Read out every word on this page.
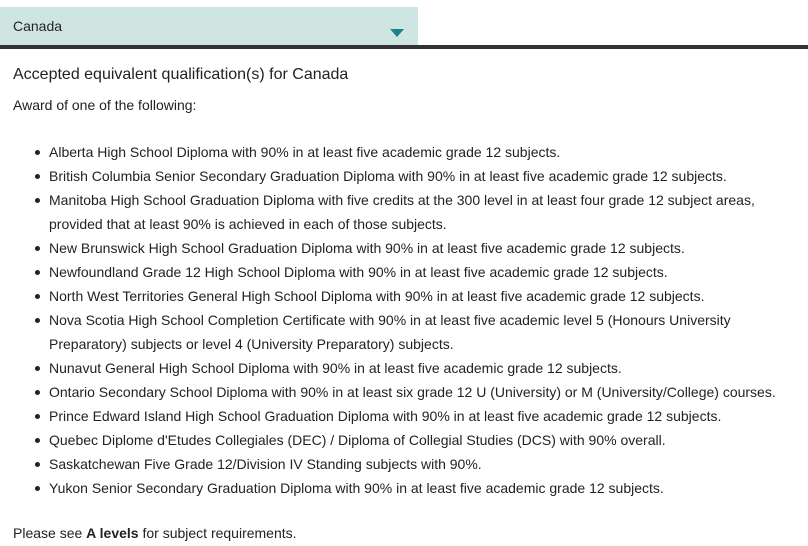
Canada
Accepted equivalent qualification(s) for Canada

Award of one of the following:

Alberta High School Diploma with 90% in at least five academic grade 12 subjects.
British Columbia Senior Secondary Graduation Diploma with 90% in at least five academic grade 12 subjects.
Manitoba High School Graduation Diploma with five credits at the 300 level in at least four grade 12 subject areas, provided that at least 90% is achieved in each of those subjects.
New Brunswick High School Graduation Diploma with 90% in at least five academic grade 12 subjects.
Newfoundland Grade 12 High School Diploma with 90% in at least five academic grade 12 subjects.
North West Territories General High School Diploma with 90% in at least five academic grade 12 subjects.
Nova Scotia High School Completion Certificate with 90% in at least five academic level 5 (Honours University Preparatory) subjects or level 4 (University Preparatory) subjects.
Nunavut General High School Diploma with 90% in at least five academic grade 12 subjects.
Ontario Secondary School Diploma with 90% in at least six grade 12 U (University) or M (University/College) courses.
Prince Edward Island High School Graduation Diploma with 90% in at least five academic grade 12 subjects.
Quebec Diplome d'Etudes Collegiales (DEC) / Diploma of Collegial Studies (DCS) with 90% overall.
Saskatchewan Five Grade 12/Division IV Standing subjects with 90%.
Yukon Senior Secondary Graduation Diploma with 90% in at least five academic grade 12 subjects.

Please see A levels for subject requirements.
